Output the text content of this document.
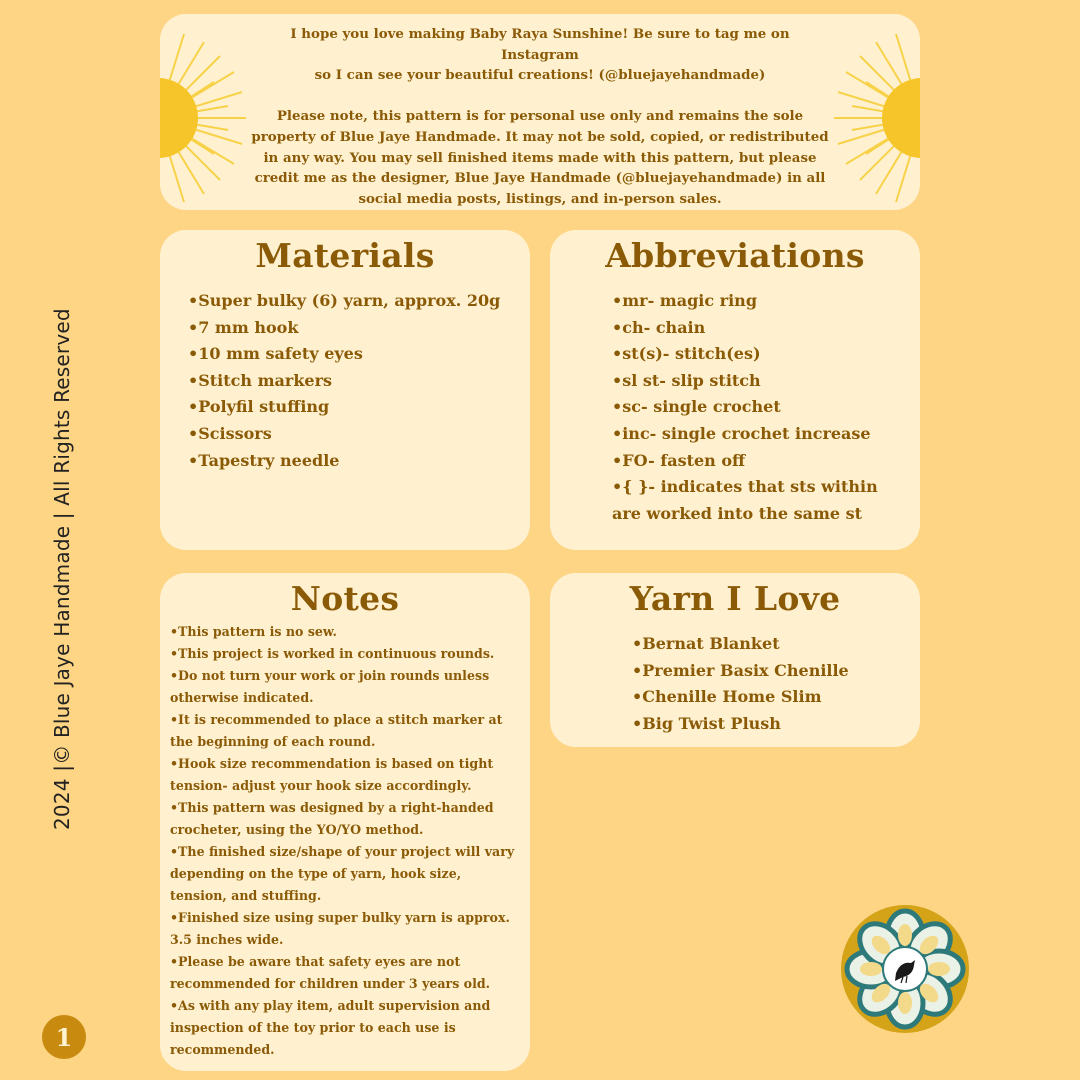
I hope you love making Baby Raya Sunshine! Be sure to tag me on Instagram
so I can see your beautiful creations! (@bluejayehandmade)

Please note, this pattern is for personal use only and remains the sole
property of Blue Jaye Handmade. It may not be sold, copied, or redistributed
in any way. You may sell finished items made with this pattern, but please
credit me as the designer, Blue Jaye Handmade (@bluejayehandmade) in all
social media posts, listings, and in-person sales.

Materials
•Super bulky (6) yarn, approx. 20g
•7 mm hook
•10 mm safety eyes
•Stitch markers
•Polyfil stuffing
•Scissors
•Tapestry needle
Abbreviations
•mr- magic ring
•ch- chain
•st(s)- stitch(es)
•sl st- slip stitch
•sc- single crochet
•inc- single crochet increase
•FO- fasten off
•{ }- indicates that sts within are worked into the same st
Notes
•This pattern is no sew.
•This project is worked in continuous rounds.
•Do not turn your work or join rounds unless otherwise indicated.
•It is recommended to place a stitch marker at the beginning of each round.
•Hook size recommendation is based on tight tension- adjust your hook size accordingly.
•This pattern was designed by a right-handed crocheter, using the YO/YO method.
•The finished size/shape of your project will vary depending on the type of yarn, hook size, tension, and stuffing.
•Finished size using super bulky yarn is approx. 3.5 inches wide.
•Please be aware that safety eyes are not recommended for children under 3 years old.
•As with any play item, adult supervision and inspection of the toy prior to each use is recommended.
Yarn I Love
•Bernat Blanket
•Premier Basix Chenille
•Chenille Home Slim
•Big Twist Plush
2024 |© Blue Jaye Handmade | All Rights Reserved
1
